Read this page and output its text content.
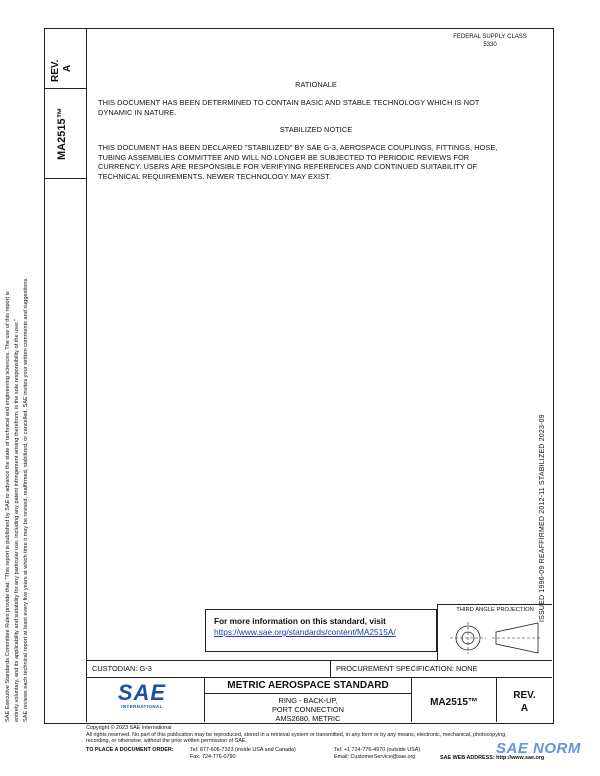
REV. A
MA2515™
SAE Executive Standards Committee Rules provide that: "This report is published by SAE to advance the state of technical and engineering sciences. The use of this report is entirely voluntary, and its applicability and suitability for any particular use, including any patent infringement arising therefrom, is the sole responsibility of the user." SAE reviews each technical report at least every five years at which time it may be revised, reaffirmed, stabilized, or cancelled. SAE invites your written comments and suggestions.	ISSUED 1996-09 REAFFIRMED 2012-11 STABILIZED 2023-09
FEDERAL SUPPLY CLASS
5330
RATIONALE
THIS DOCUMENT HAS BEEN DETERMINED TO CONTAIN BASIC AND STABLE TECHNOLOGY WHICH IS NOT
DYNAMIC IN NATURE.
STABILIZED NOTICE
THIS DOCUMENT HAS BEEN DECLARED "STABILIZED" BY SAE G-3, AEROSPACE COUPLINGS, FITTINGS, HOSE,
TUBING ASSEMBLIES COMMITTEE AND WILL NO LONGER BE SUBJECTED TO PERIODIC REVIEWS FOR
CURRENCY. USERS ARE RESPONSIBLE FOR VERIFYING REFERENCES AND CONTINUED SUITABILITY OF
TECHNICAL REQUIREMENTS. NEWER TECHNOLOGY MAY EXIST.
For more information on this standard, visit
https://www.sae.org/standards/content/MA2515A/
THIRD ANGLE PROJECTION
CUSTODIAN: G-3	PROCUREMENT SPECIFICATION: NONE
SAE
INTERNATIONAL
METRIC AEROSPACE STANDARD
RING - BACK-UP,
PORT CONNECTION
AMS2680, METRIC
MA2515™
REV.
A
Copyright © 2023 SAE International
All rights reserved. No part of this publication may be reproduced, stored in a retrieval system or transmitted, in any form or by any means, electronic, mechanical, photocopying,
recording, or otherwise, without the prior written permission of SAE.
TO PLACE A DOCUMENT ORDER:	Tel: 877-606-7323 (inside USA and Canada)
Fax: 724-776-0790
Tel: +1 724-776-4970 (outside USA)
Email: CustomerService@sae.org	SAE WEB ADDRESS: http://www.sae.org
SAE NORM
